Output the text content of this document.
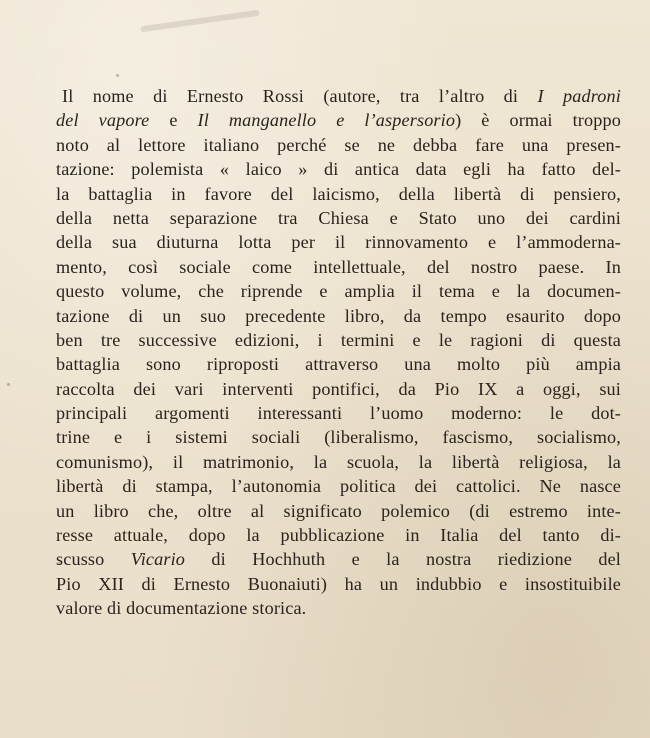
Il nome di Ernesto Rossi (autore, tra l’altro di I padroni
del vapore e Il manganello e l’aspersorio) è ormai troppo
noto al lettore italiano perché se ne debba fare una presen-
tazione: polemista « laico » di antica data egli ha fatto del-
la battaglia in favore del laicismo, della libertà di pensiero,
della netta separazione tra Chiesa e Stato uno dei cardini
della sua diuturna lotta per il rinnovamento e l’ammoderna-
mento, così sociale come intellettuale, del nostro paese. In
questo volume, che riprende e amplia il tema e la documen-
tazione di un suo precedente libro, da tempo esaurito dopo
ben tre successive edizioni, i termini e le ragioni di questa
battaglia sono riproposti attraverso una molto più ampia
raccolta dei vari interventi pontifici, da Pio IX a oggi, sui
principali argomenti interessanti l’uomo moderno: le dot-
trine e i sistemi sociali (liberalismo, fascismo, socialismo,
comunismo), il matrimonio, la scuola, la libertà religiosa, la
libertà di stampa, l’autonomia politica dei cattolici. Ne nasce
un libro che, oltre al significato polemico (di estremo inte-
resse attuale, dopo la pubblicazione in Italia del tanto di-
scusso Vicario di Hochhuth e la nostra riedizione del
Pio XII di Ernesto Buonaiuti) ha un indubbio e insostituibile
valore di documentazione storica.
